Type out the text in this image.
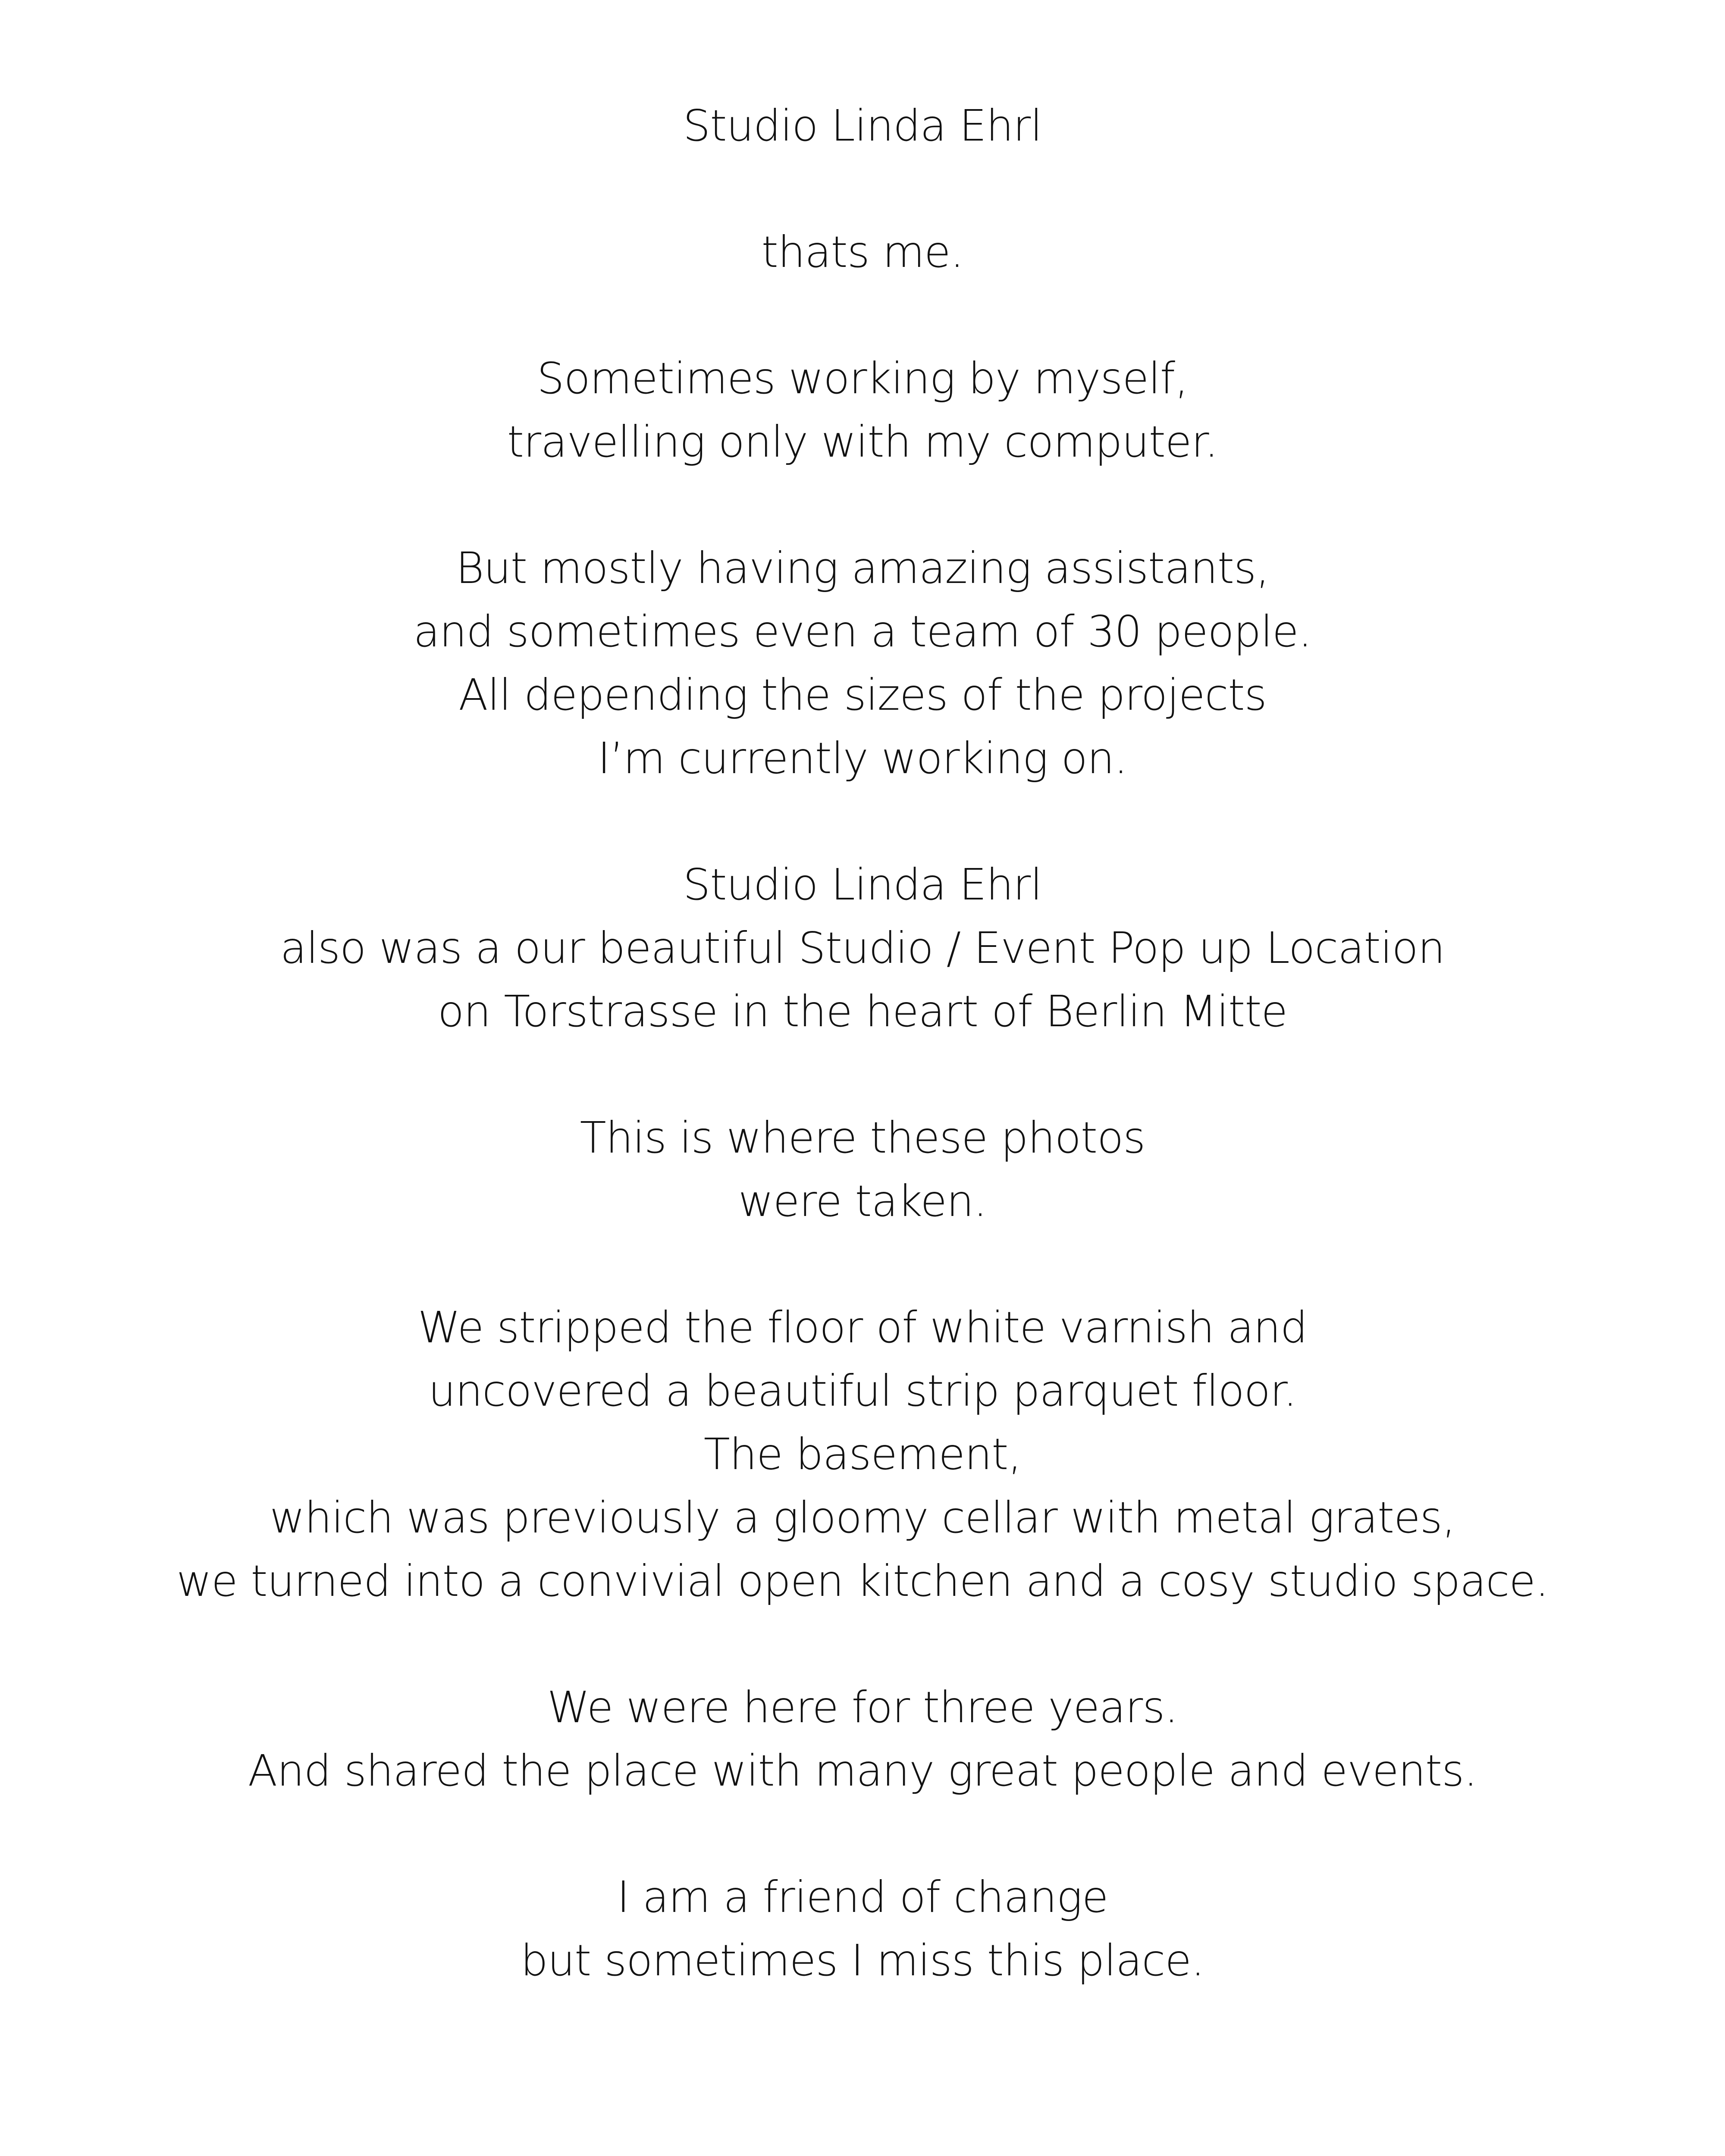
Studio Linda Ehrl

thats me.

Sometimes working by myself,
travelling only with my computer.

But mostly having amazing assistants,
and sometimes even a team of 30 people.
All depending the sizes of the projects
I’m currently working on.

Studio Linda Ehrl
also was a our beautiful Studio / Event Pop up Location
on Torstrasse in the heart of Berlin Mitte

This is where these photos
were taken.

We stripped the floor of white varnish and
uncovered a beautiful strip parquet floor.
The basement,
which was previously a gloomy cellar with metal grates,
we turned into a convivial open kitchen and a cosy studio space.

We were here for three years.
And shared the place with many great people and events.

I am a friend of change
but sometimes I miss this place.
